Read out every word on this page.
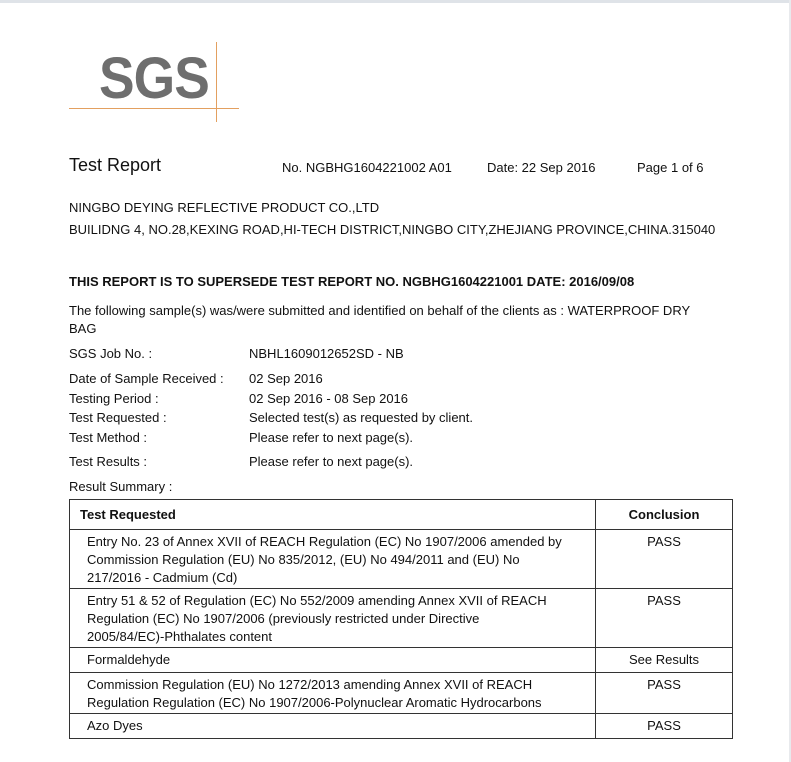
SGS
Test Report	No. NGBHG1604221002 A01	Date: 22 Sep 2016	Page 1 of 6
NINGBO DEYING REFLECTIVE PRODUCT CO.,LTD
BUILIDNG 4, NO.28,KEXING ROAD,HI-TECH DISTRICT,NINGBO CITY,ZHEJIANG PROVINCE,CHINA.315040
THIS REPORT IS TO SUPERSEDE TEST REPORT NO. NGBHG1604221001 DATE: 2016/09/08
The following sample(s) was/were submitted and identified on behalf of the clients as : WATERPROOF DRY BAG
SGS Job No. :	NBHL1609012652SD - NB
Date of Sample Received : 02 Sep 2016
Testing Period :	02 Sep 2016 - 08 Sep 2016
Test Requested :	Selected test(s) as requested by client.
Test Method :	Please refer to next page(s).
Test Results :	Please refer to next page(s).
Result Summary :
Test Requested	Conclusion

Entry No. 23 of Annex XVII of REACH Regulation (EC) No 1907/2006 amended by
Commission Regulation (EU) No 835/2012, (EU) No 494/2011 and (EU) No
217/2016 - Cadmium (Cd)	PASS

Entry 51 & 52 of Regulation (EC) No 552/2009 amending Annex XVII of REACH
Regulation (EC) No 1907/2006 (previously restricted under Directive
2005/84/EC)-Phthalates content	PASS

Formaldehyde	See Results

Commission Regulation (EU) No 1272/2013 amending Annex XVII of REACH
Regulation Regulation (EC) No 1907/2006-Polynuclear Aromatic Hydrocarbons	PASS

Azo Dyes	PASS
